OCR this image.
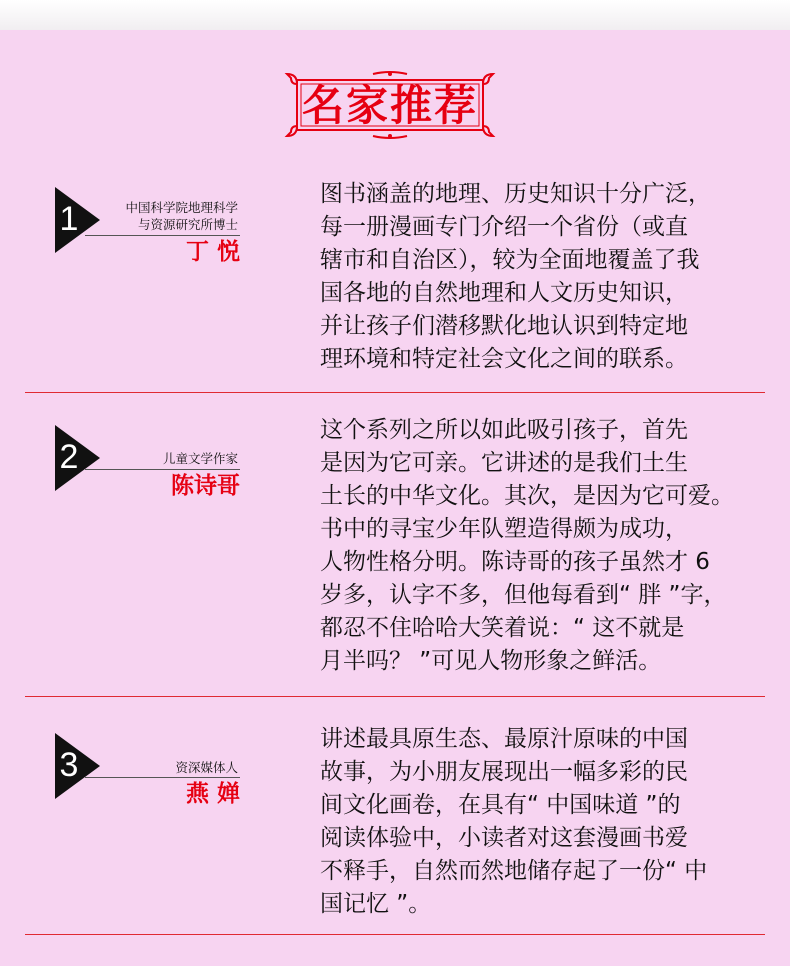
名家推荐
1	中国科学院地理科学
与资源研究所博士
丁 悦
图书涵盖的地理、历史知识十分广泛，
每一册漫画专门介绍一个省份（或直
辖市和自治区），较为全面地覆盖了我
国各地的自然地理和人文历史知识，
并让孩子们潜移默化地认识到特定地
理环境和特定社会文化之间的联系。
2	儿童文学作家
陈诗哥
这个系列之所以如此吸引孩子，首先
是因为它可亲。它讲述的是我们土生
土长的中华文化。其次，是因为它可爱。
书中的寻宝少年队塑造得颇为成功，
人物性格分明。陈诗哥的孩子虽然才 6
岁多，认字不多，但他每看到“ 胖 ”字，
都忍不住哈哈大笑着说：“ 这不就是
月半吗？ ”可见人物形象之鲜活。
3	资深媒体人
燕 婵
讲述最具原生态、最原汁原味的中国
故事，为小朋友展现出一幅多彩的民
间文化画卷，在具有“ 中国味道 ”的
阅读体验中，小读者对这套漫画书爱
不释手，自然而然地储存起了一份“ 中
国记忆 ”。
